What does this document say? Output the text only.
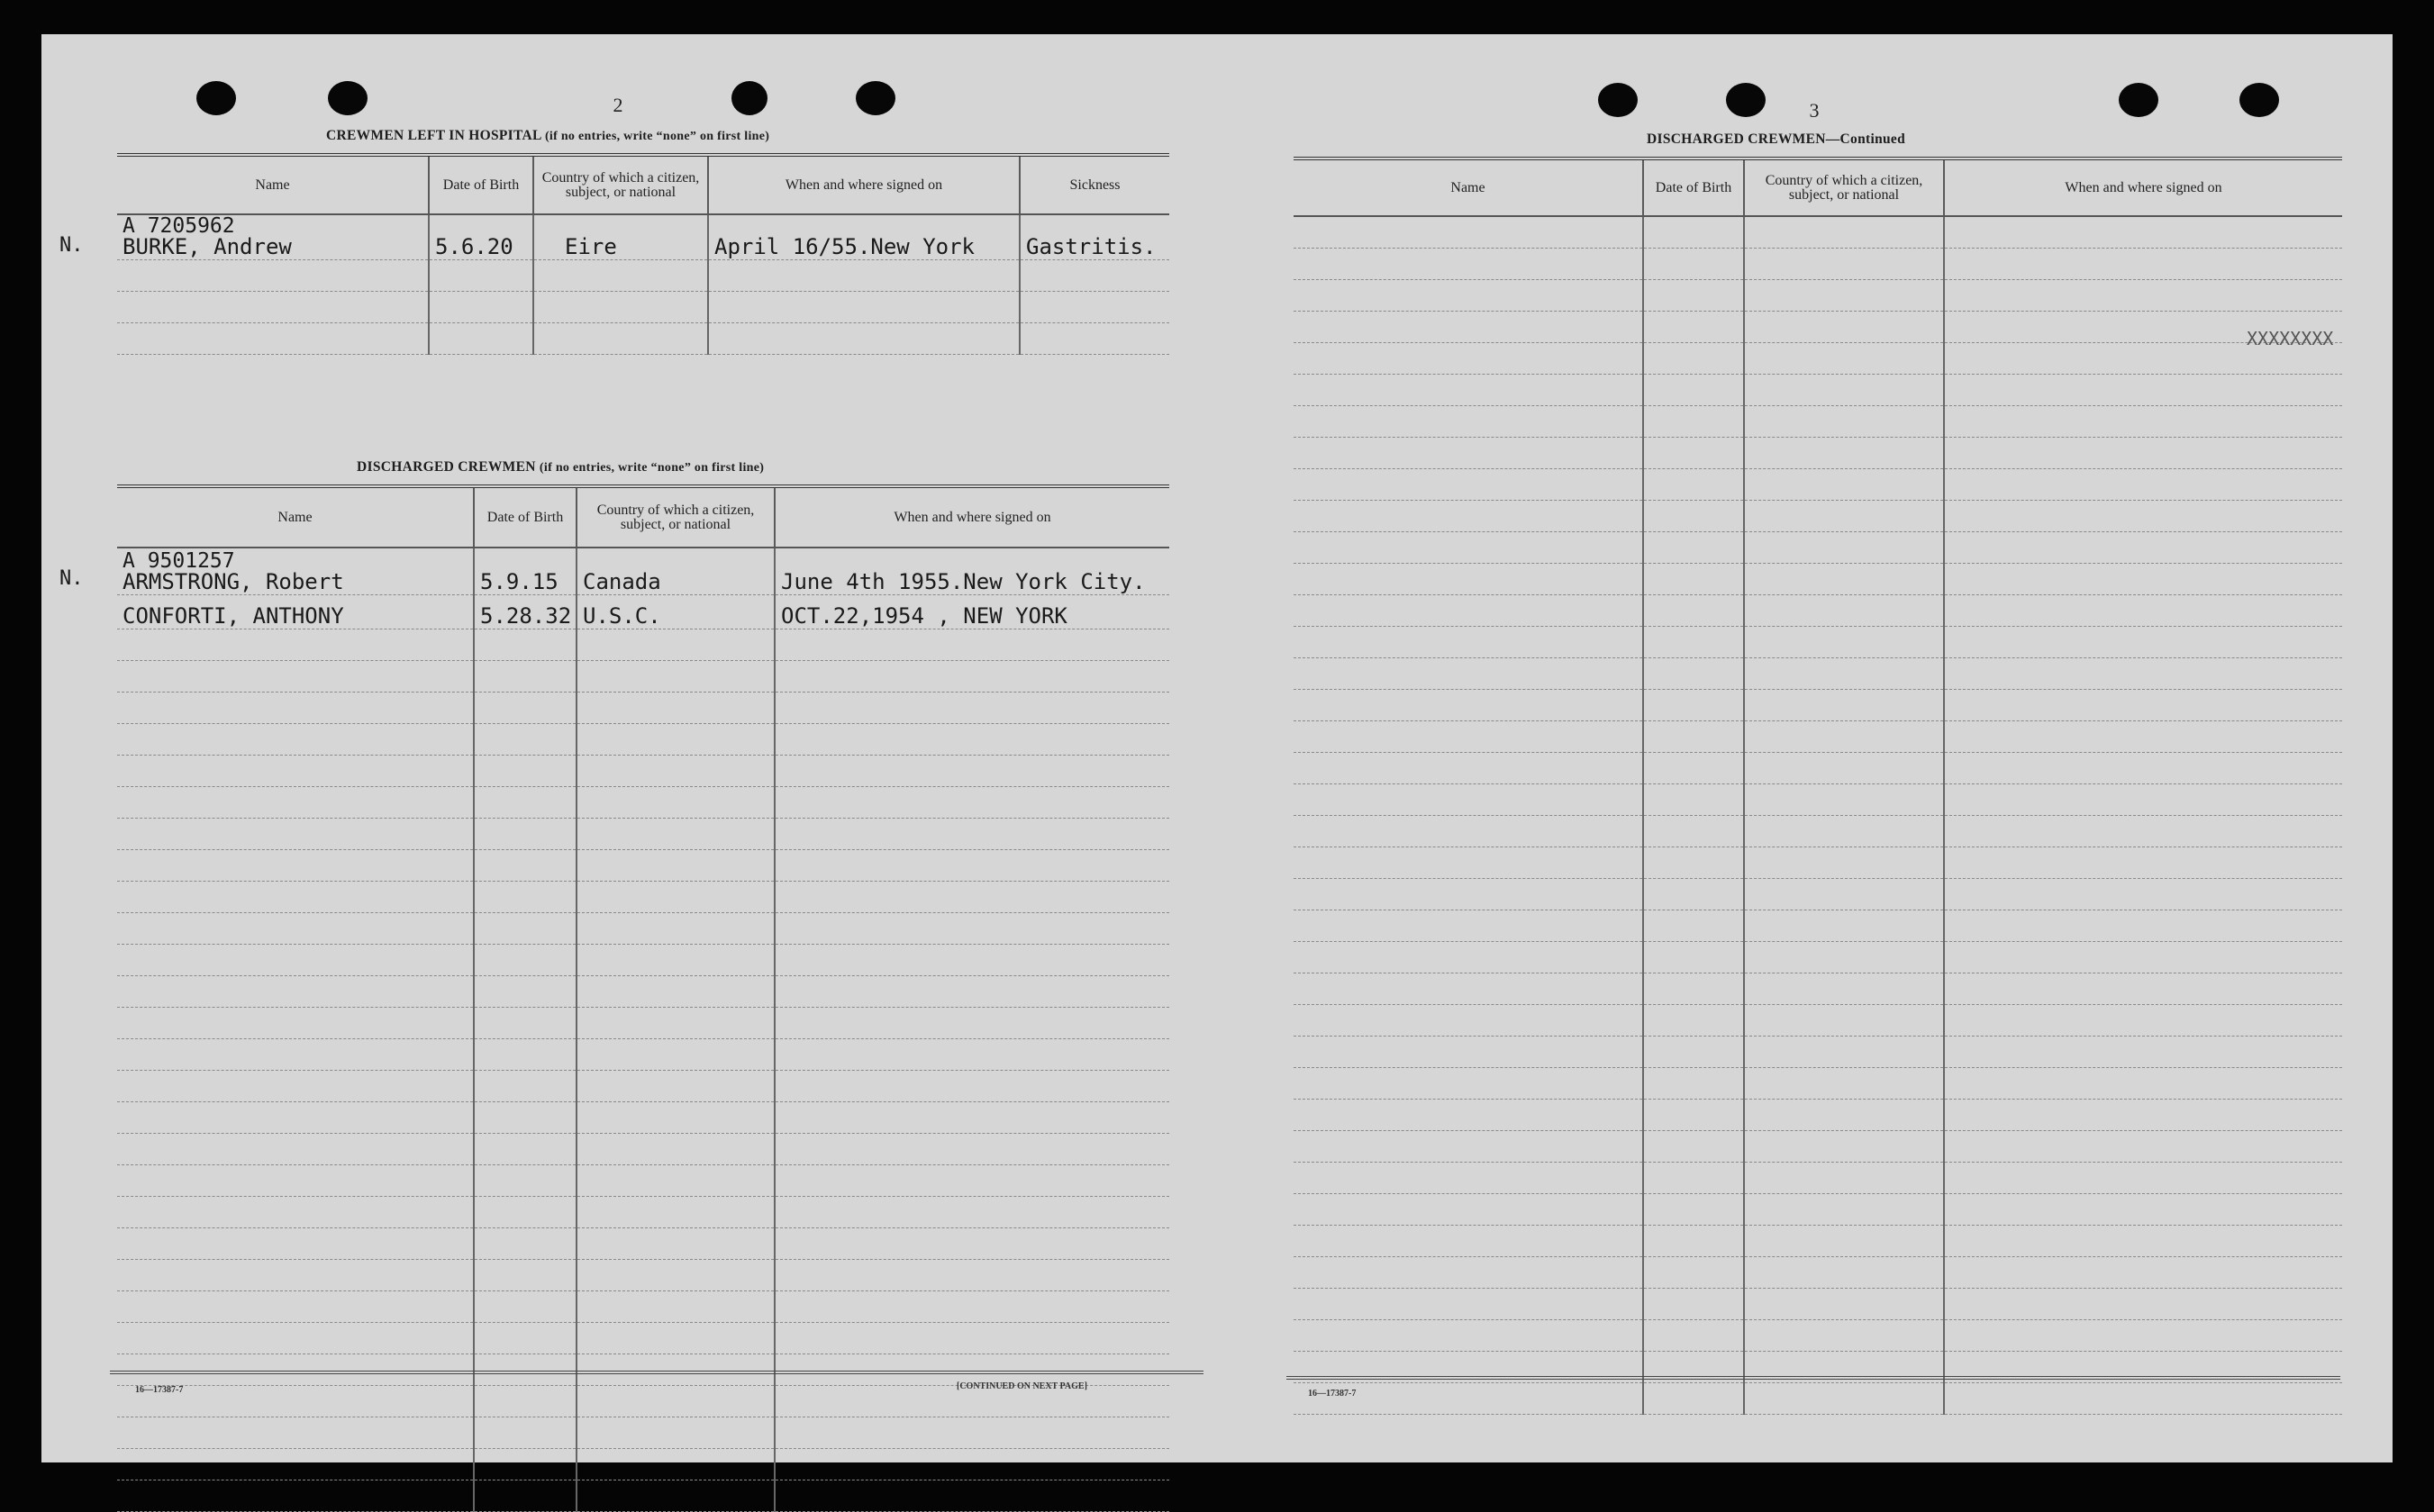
2
CREWMEN LEFT IN HOSPITAL (if no entries, write “none” on first line)
Name	Date of Birth	Country of which a citizen, subject, or national	When and where signed on	Sickness

A 7205962
BURKE, Andrew	5.6.20	Eire	April 16/55.New York	Gastritis.

N.
DISCHARGED CREWMEN (if no entries, write “none” on first line)
Name	Date of Birth	Country of which a citizen, subject, or national	When and where signed on

A 9501257
ARMSTRONG, Robert	5.9.15	Canada	June 4th 1955.New York City.
CONFORTI, ANTHONY	5.28.32	U.S.C.	OCT.22,1954 , NEW YORK

N.
16—17387-7	[CONTINUED ON NEXT PAGE]
3
DISCHARGED CREWMEN—Continued
Name	Date of Birth	Country of which a citizen, subject, or national	When and where signed on

XXXXXXXX
16—17387-7
